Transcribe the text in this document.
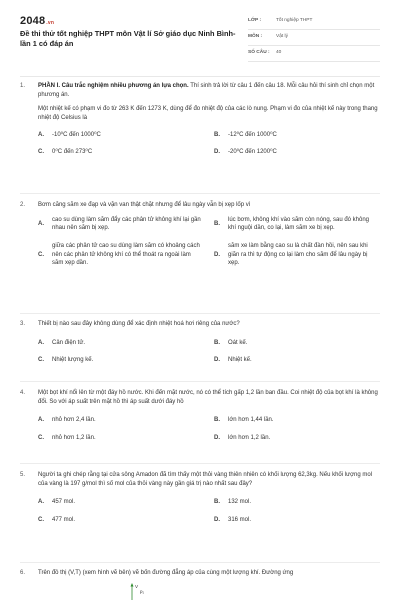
2048.vn
Đề thi thử tốt nghiệp THPT môn Vật lí Sở giáo dục Ninh Bình- lần 1 có đáp án
LỚP :	Tốt nghiệp THPT
MÔN :	Vật lý
SỐ CÂU :	40
1.	PHẦN I. Câu trắc nghiệm nhiều phương án lựa chọn. Thí sinh trả lời từ câu 1 đến câu 18. Mỗi câu hỏi thí sinh chỉ chọn một phương án.

Một nhiệt kế có phạm vi đo từ 263 K đến 1273 K, dùng để đo nhiệt độ của các lò nung. Phạm vi đo của nhiệt kế này trong thang nhiệt độ Celsius là

A.	-10⁰C đến 1000⁰C	B.	-12⁰C đến 1000⁰C
C.	0⁰C đến 273⁰C	D.	-20⁰C đến 1200⁰C
2.	Bơm căng săm xe đạp và vặn van thật chặt nhưng để lâu ngày vẫn bị xẹp lốp vì

A.
cao su dùng làm săm đẩy các phân tử không khí lại gần nhau nên săm bị xẹp.
B.
lúc bơm, không khí vào săm còn nóng, sau đó không khí nguội dần, co lại, làm săm xe bị xẹp.
C.
giữa các phân tử cao su dùng làm săm có khoảng cách nên các phân tử không khí có thể thoát ra ngoài làm săm xẹp dần.
D.
săm xe làm bằng cao su là chất đàn hồi, nên sau khi giãn ra thì tự động co lại làm cho săm để lâu ngày bị xẹp.
3.	Thiết bị nào sau đây không dùng để xác định nhiệt hoá hơi riêng của nước?

A.	Cân điện tử.	B.	Oát kế.
C.	Nhiệt lượng kế.	D.	Nhiệt kế.
4.	Một bọt khí nổi lên từ một đáy hồ nước. Khi đến mặt nước, nó có thể tích gấp 1,2 lần ban đầu. Coi nhiệt độ của bọt khí là không đổi. So với áp suất trên mặt hồ thì áp suất dưới đáy hồ

A.	nhỏ hơn 2,4 lần.	B.	lớn hơn 1,44 lần.
C.	nhỏ hơn 1,2 lần.	D.	lớn hơn 1,2 lần.
5.	Người ta ghi chép rằng tại cửa sông Amadon đã tìm thấy một thỏi vàng thiên nhiên có khối lượng 62,3kg. Nếu khối lượng mol của vàng là 197 g/mol thì số mol của thỏi vàng này gần giá trị nào nhất sau đây?

A.	457 mol.	B.	132 mol.
C.	477 mol.	D.	316 mol.
6.	Trên đồ thị (V,T) (xem hình vẽ bên) vẽ bốn đường đẳng áp của cùng một lượng khí. Đường ứng

V
p₁
